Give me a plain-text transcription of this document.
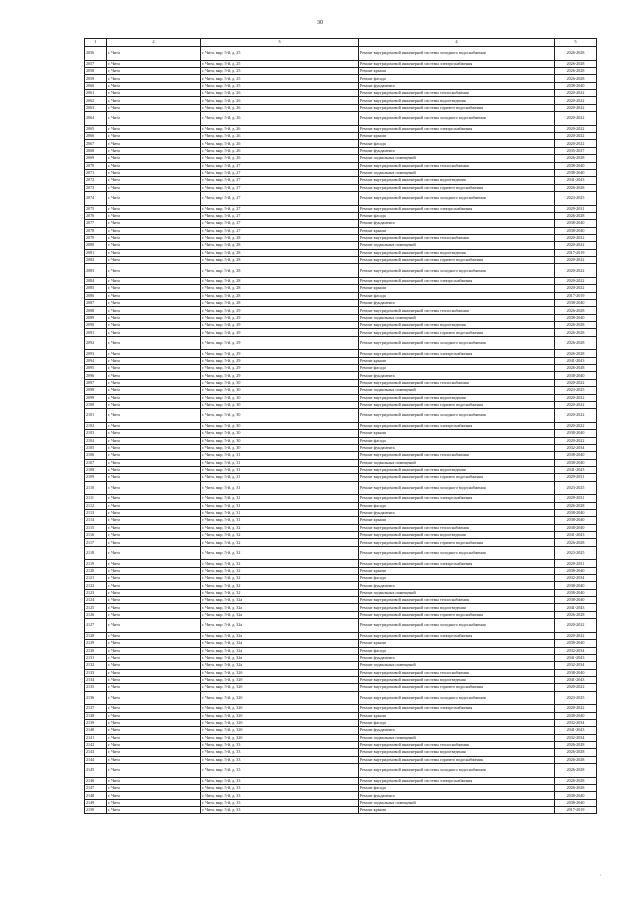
30
1	2	3	4	5
2056	г. Чита	г. Чита, мкр. 5-й, д. 25	Ремонт внутридомовой инженерной системы холодного водоснабжения	2026-2028
2057	г. Чита	г. Чита, мкр. 5-й, д. 25	Ремонт внутридомовой инженерной системы электроснабжения	2026-2028
2058	г. Чита	г. Чита, мкр. 5-й, д. 25	Ремонт крыши	2026-2028
2059	г. Чита	г. Чита, мкр. 5-й, д. 25	Ремонт фасада	2026-2028
2060	г. Чита	г. Чита, мкр. 5-й, д. 25	Ремонт фундамента	2038-2040
2061	г. Чита	г. Чита, мкр. 5-й, д. 26	Ремонт внутридомовой инженерной системы теплоснабжения	2020-2022
2062	г. Чита	г. Чита, мкр. 5-й, д. 26	Ремонт внутридомовой инженерной системы водоотведения	2020-2022
2063	г. Чита	г. Чита, мкр. 5-й, д. 26	Ремонт внутридомовой инженерной системы горячего водоснабжения	2020-2022
2064	г. Чита	г. Чита, мкр. 5-й, д. 26	Ремонт внутридомовой инженерной системы холодного водоснабжения	2020-2022
2065	г. Чита	г. Чита, мкр. 5-й, д. 26	Ремонт внутридомовой инженерной системы электроснабжения	2020-2022
2066	г. Чита	г. Чита, мкр. 5-й, д. 26	Ремонт крыши	2020-2022
2067	г. Чита	г. Чита, мкр. 5-й, д. 26	Ремонт фасада	2020-2022
2068	г. Чита	г. Чита, мкр. 5-й, д. 26	Ремонт фундамента	2035-2037
2069	г. Чита	г. Чита, мкр. 5-й, д. 26	Ремонт подвальных помещений	2026-2028
2070	г. Чита	г. Чита, мкр. 5-й, д. 27	Ремонт внутридомовой инженерной системы теплоснабжения	2038-2040
2071	г. Чита	г. Чита, мкр. 5-й, д. 27	Ремонт подвальных помещений	2038-2040
2072	г. Чита	г. Чита, мкр. 5-й, д. 27	Ремонт внутридомовой инженерной системы водоотведения	2041-2043
2073	г. Чита	г. Чита, мкр. 5-й, д. 27	Ремонт внутридомовой инженерной системы горячего водоснабжения	2026-2028
2074	г. Чита	г. Чита, мкр. 5-й, д. 27	Ремонт внутридомовой инженерной системы холодного водоснабжения	2023-2025
2075	г. Чита	г. Чита, мкр. 5-й, д. 27	Ремонт внутридомовой инженерной системы электроснабжения	2029-2031
2076	г. Чита	г. Чита, мкр. 5-й, д. 27	Ремонт фасада	2026-2028
2077	г. Чита	г. Чита, мкр. 5-й, д. 27	Ремонт фундамента	2038-2040
2078	г. Чита	г. Чита, мкр. 5-й, д. 27	Ремонт крыши	2038-2040
2079	г. Чита	г. Чита, мкр. 5-й, д. 28	Ремонт внутридомовой инженерной системы теплоснабжения	2020-2022
2080	г. Чита	г. Чита, мкр. 5-й, д. 28	Ремонт подвальных помещений	2020-2022
2081	г. Чита	г. Чита, мкр. 5-й, д. 28	Ремонт внутридомовой инженерной системы водоотведения	2017-2019
2082	г. Чита	г. Чита, мкр. 5-й, д. 28	Ремонт внутридомовой инженерной системы горячего водоснабжения	2020-2022
2083	г. Чита	г. Чита, мкр. 5-й, д. 28	Ремонт внутридомовой инженерной системы холодного водоснабжения	2020-2022
2084	г. Чита	г. Чита, мкр. 5-й, д. 28	Ремонт внутридомовой инженерной системы электроснабжения	2020-2022
2085	г. Чита	г. Чита, мкр. 5-й, д. 28	Ремонт крыши	2020-2022
2086	г. Чита	г. Чита, мкр. 5-й, д. 28	Ремонт фасада	2017-2019
2087	г. Чита	г. Чита, мкр. 5-й, д. 28	Ремонт фундамента	2038-2040
2088	г. Чита	г. Чита, мкр. 5-й, д. 29	Ремонт внутридомовой инженерной системы теплоснабжения	2026-2028
2089	г. Чита	г. Чита, мкр. 5-й, д. 29	Ремонт подвальных помещений	2038-2040
2090	г. Чита	г. Чита, мкр. 5-й, д. 29	Ремонт внутридомовой инженерной системы водоотведения	2026-2028
2091	г. Чита	г. Чита, мкр. 5-й, д. 29	Ремонт внутридомовой инженерной системы горячего водоснабжения	2026-2028
2092	г. Чита	г. Чита, мкр. 5-й, д. 29	Ремонт внутридомовой инженерной системы холодного водоснабжения	2026-2028
2093	г. Чита	г. Чита, мкр. 5-й, д. 29	Ремонт внутридомовой инженерной системы электроснабжения	2026-2028
2094	г. Чита	г. Чита, мкр. 5-й, д. 29	Ремонт крыши	2041-2043
2095	г. Чита	г. Чита, мкр. 5-й, д. 29	Ремонт фасада	2026-2028
2096	г. Чита	г. Чита, мкр. 5-й, д. 29	Ремонт фундамента	2038-2040
2097	г. Чита	г. Чита, мкр. 5-й, д. 30	Ремонт внутридомовой инженерной системы теплоснабжения	2020-2022
2098	г. Чита	г. Чита, мкр. 5-й, д. 30	Ремонт подвальных помещений	2023-2025
2099	г. Чита	г. Чита, мкр. 5-й, д. 30	Ремонт внутридомовой инженерной системы водоотведения	2020-2022
2100	г. Чита	г. Чита, мкр. 5-й, д. 30	Ремонт внутридомовой инженерной системы горячего водоснабжения	2020-2022
2101	г. Чита	г. Чита, мкр. 5-й, д. 30	Ремонт внутридомовой инженерной системы холодного водоснабжения	2020-2022
2102	г. Чита	г. Чита, мкр. 5-й, д. 30	Ремонт внутридомовой инженерной системы электроснабжения	2020-2022
2103	г. Чита	г. Чита, мкр. 5-й, д. 30	Ремонт крыши	2038-2040
2104	г. Чита	г. Чита, мкр. 5-й, д. 30	Ремонт фасада	2020-2022
2105	г. Чита	г. Чита, мкр. 5-й, д. 30	Ремонт фундамента	2032-2034
2106	г. Чита	г. Чита, мкр. 5-й, д. 31	Ремонт внутридомовой инженерной системы теплоснабжения	2038-2040
2107	г. Чита	г. Чита, мкр. 5-й, д. 31	Ремонт подвальных помещений	2038-2040
2108	г. Чита	г. Чита, мкр. 5-й, д. 31	Ремонт внутридомовой инженерной системы водоотведения	2041-2043
2109	г. Чита	г. Чита, мкр. 5-й, д. 31	Ремонт внутридомовой инженерной системы горячего водоснабжения	2029-2031
2110	г. Чита	г. Чита, мкр. 5-й, д. 31	Ремонт внутридомовой инженерной системы холодного водоснабжения	2023-2025
2111	г. Чита	г. Чита, мкр. 5-й, д. 31	Ремонт внутридомовой инженерной системы электроснабжения	2029-2031
2112	г. Чита	г. Чита, мкр. 5-й, д. 31	Ремонт фасада	2026-2028
2113	г. Чита	г. Чита, мкр. 5-й, д. 31	Ремонт фундамента	2038-2040
2114	г. Чита	г. Чита, мкр. 5-й, д. 31	Ремонт крыши	2038-2040
2115	г. Чита	г. Чита, мкр. 5-й, д. 32	Ремонт внутридомовой инженерной системы теплоснабжения	2038-2040
2116	г. Чита	г. Чита, мкр. 5-й, д. 32	Ремонт внутридомовой инженерной системы водоотведения	2041-2043
2117	г. Чита	г. Чита, мкр. 5-й, д. 32	Ремонт внутридомовой инженерной системы горячего водоснабжения	2026-2028
2118	г. Чита	г. Чита, мкр. 5-й, д. 32	Ремонт внутридомовой инженерной системы холодного водоснабжения	2023-2025
2119	г. Чита	г. Чита, мкр. 5-й, д. 32	Ремонт внутридомовой инженерной системы электроснабжения	2029-2031
2120	г. Чита	г. Чита, мкр. 5-й, д. 32	Ремонт крыши	2038-2040
2121	г. Чита	г. Чита, мкр. 5-й, д. 32	Ремонт фасада	2032-2034
2122	г. Чита	г. Чита, мкр. 5-й, д. 32	Ремонт фундамента	2038-2040
2123	г. Чита	г. Чита, мкр. 5-й, д. 32	Ремонт подвальных помещений	2038-2040
2124	г. Чита	г. Чита, мкр. 5-й, д. 32а	Ремонт внутридомовой инженерной системы теплоснабжения	2038-2040
2125	г. Чита	г. Чита, мкр. 5-й, д. 32а	Ремонт внутридомовой инженерной системы водоотведения	2041-2043
2126	г. Чита	г. Чита, мкр. 5-й, д. 32а	Ремонт внутридомовой инженерной системы горячего водоснабжения	2026-2028
2127	г. Чита	г. Чита, мкр. 5-й, д. 32а	Ремонт внутридомовой инженерной системы холодного водоснабжения	2020-2022
2128	г. Чита	г. Чита, мкр. 5-й, д. 32а	Ремонт внутридомовой инженерной системы электроснабжения	2020-2022
2129	г. Чита	г. Чита, мкр. 5-й, д. 32а	Ремонт крыши	2038-2040
2130	г. Чита	г. Чита, мкр. 5-й, д. 32а	Ремонт фасада	2032-2034
2131	г. Чита	г. Чита, мкр. 5-й, д. 32а	Ремонт фундамента	2041-2043
2132	г. Чита	г. Чита, мкр. 5-й, д. 32а	Ремонт подвальных помещений	2032-2034
2133	г. Чита	г. Чита, мкр. 5-й, д. 32б	Ремонт внутридомовой инженерной системы теплоснабжения	2038-2040
2134	г. Чита	г. Чита, мкр. 5-й, д. 32б	Ремонт внутридомовой инженерной системы водоотведения	2041-2043
2135	г. Чита	г. Чита, мкр. 5-й, д. 32б	Ремонт внутридомовой инженерной системы горячего водоснабжения	2020-2022
2136	г. Чита	г. Чита, мкр. 5-й, д. 32б	Ремонт внутридомовой инженерной системы холодного водоснабжения	2023-2025
2137	г. Чита	г. Чита, мкр. 5-й, д. 32б	Ремонт внутридомовой инженерной системы электроснабжения	2020-2022
2138	г. Чита	г. Чита, мкр. 5-й, д. 32б	Ремонт крыши	2038-2040
2139	г. Чита	г. Чита, мкр. 5-й, д. 32б	Ремонт фасада	2032-2034
2140	г. Чита	г. Чита, мкр. 5-й, д. 32б	Ремонт фундамента	2041-2043
2141	г. Чита	г. Чита, мкр. 5-й, д. 32б	Ремонт подвальных помещений	2032-2034
2142	г. Чита	г. Чита, мкр. 5-й, д. 33	Ремонт внутридомовой инженерной системы теплоснабжения	2026-2028
2143	г. Чита	г. Чита, мкр. 5-й, д. 33	Ремонт внутридомовой инженерной системы водоотведения	2026-2028
2144	г. Чита	г. Чита, мкр. 5-й, д. 33	Ремонт внутридомовой инженерной системы горячего водоснабжения	2026-2028
2145	г. Чита	г. Чита, мкр. 5-й, д. 33	Ремонт внутридомовой инженерной системы холодного водоснабжения	2026-2028
2146	г. Чита	г. Чита, мкр. 5-й, д. 33	Ремонт внутридомовой инженерной системы электроснабжения	2026-2028
2147	г. Чита	г. Чита, мкр. 5-й, д. 33	Ремонт фасада	2026-2028
2148	г. Чита	г. Чита, мкр. 5-й, д. 33	Ремонт фундамента	2038-2040
2149	г. Чита	г. Чита, мкр. 5-й, д. 33	Ремонт подвальных помещений	2038-2040
2150	г. Чита	г. Чита, мкр. 5-й, д. 33	Ремонт крыши	2017-2019
,
